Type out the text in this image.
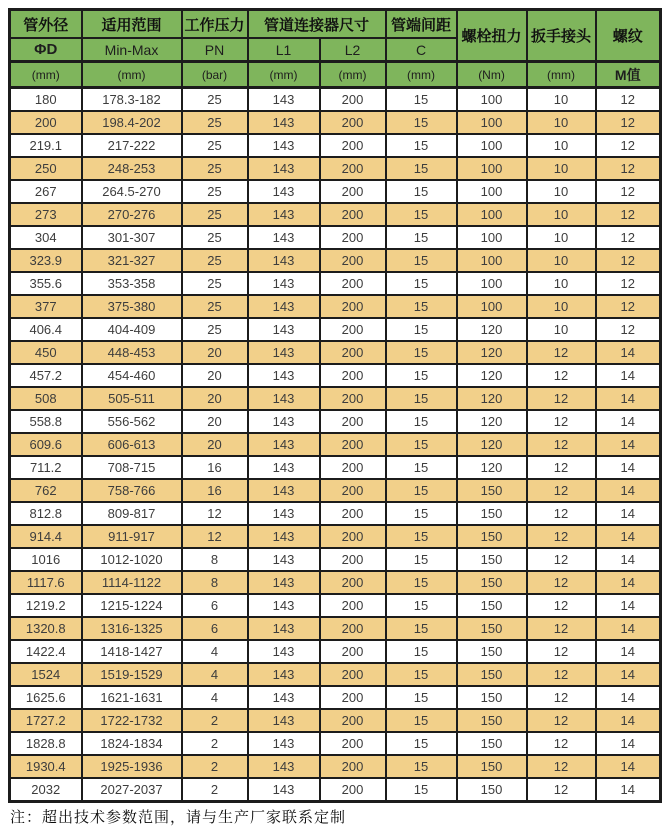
管外径	适用范围	工作压力	管道连接器尺寸		管端间距	螺栓扭力	扳手接头	螺纹
ΦD	Min-Max	PN	L1	L2	C			
(mm)	(mm)	(bar)	(mm)	(mm)	(mm)	(Nm)	(mm)	M值
180	178.3-182	25	143	200	15	100	10	12
200	198.4-202	25	143	200	15	100	10	12
219.1	217-222	25	143	200	15	100	10	12
250	248-253	25	143	200	15	100	10	12
267	264.5-270	25	143	200	15	100	10	12
273	270-276	25	143	200	15	100	10	12
304	301-307	25	143	200	15	100	10	12
323.9	321-327	25	143	200	15	100	10	12
355.6	353-358	25	143	200	15	100	10	12
377	375-380	25	143	200	15	100	10	12
406.4	404-409	25	143	200	15	120	10	12
450	448-453	20	143	200	15	120	12	14
457.2	454-460	20	143	200	15	120	12	14
508	505-511	20	143	200	15	120	12	14
558.8	556-562	20	143	200	15	120	12	14
609.6	606-613	20	143	200	15	120	12	14
711.2	708-715	16	143	200	15	120	12	14
762	758-766	16	143	200	15	150	12	14
812.8	809-817	12	143	200	15	150	12	14
914.4	911-917	12	143	200	15	150	12	14
1016	1012-1020	8	143	200	15	150	12	14
1117.6	1114-1122	8	143	200	15	150	12	14
1219.2	1215-1224	6	143	200	15	150	12	14
1320.8	1316-1325	6	143	200	15	150	12	14
1422.4	1418-1427	4	143	200	15	150	12	14
1524	1519-1529	4	143	200	15	150	12	14
1625.6	1621-1631	4	143	200	15	150	12	14
1727.2	1722-1732	2	143	200	15	150	12	14
1828.8	1824-1834	2	143	200	15	150	12	14
1930.4	1925-1936	2	143	200	15	150	12	14
2032	2027-2037	2	143	200	15	150	12	14
注：超出技术参数范围，请与生产厂家联系定制
